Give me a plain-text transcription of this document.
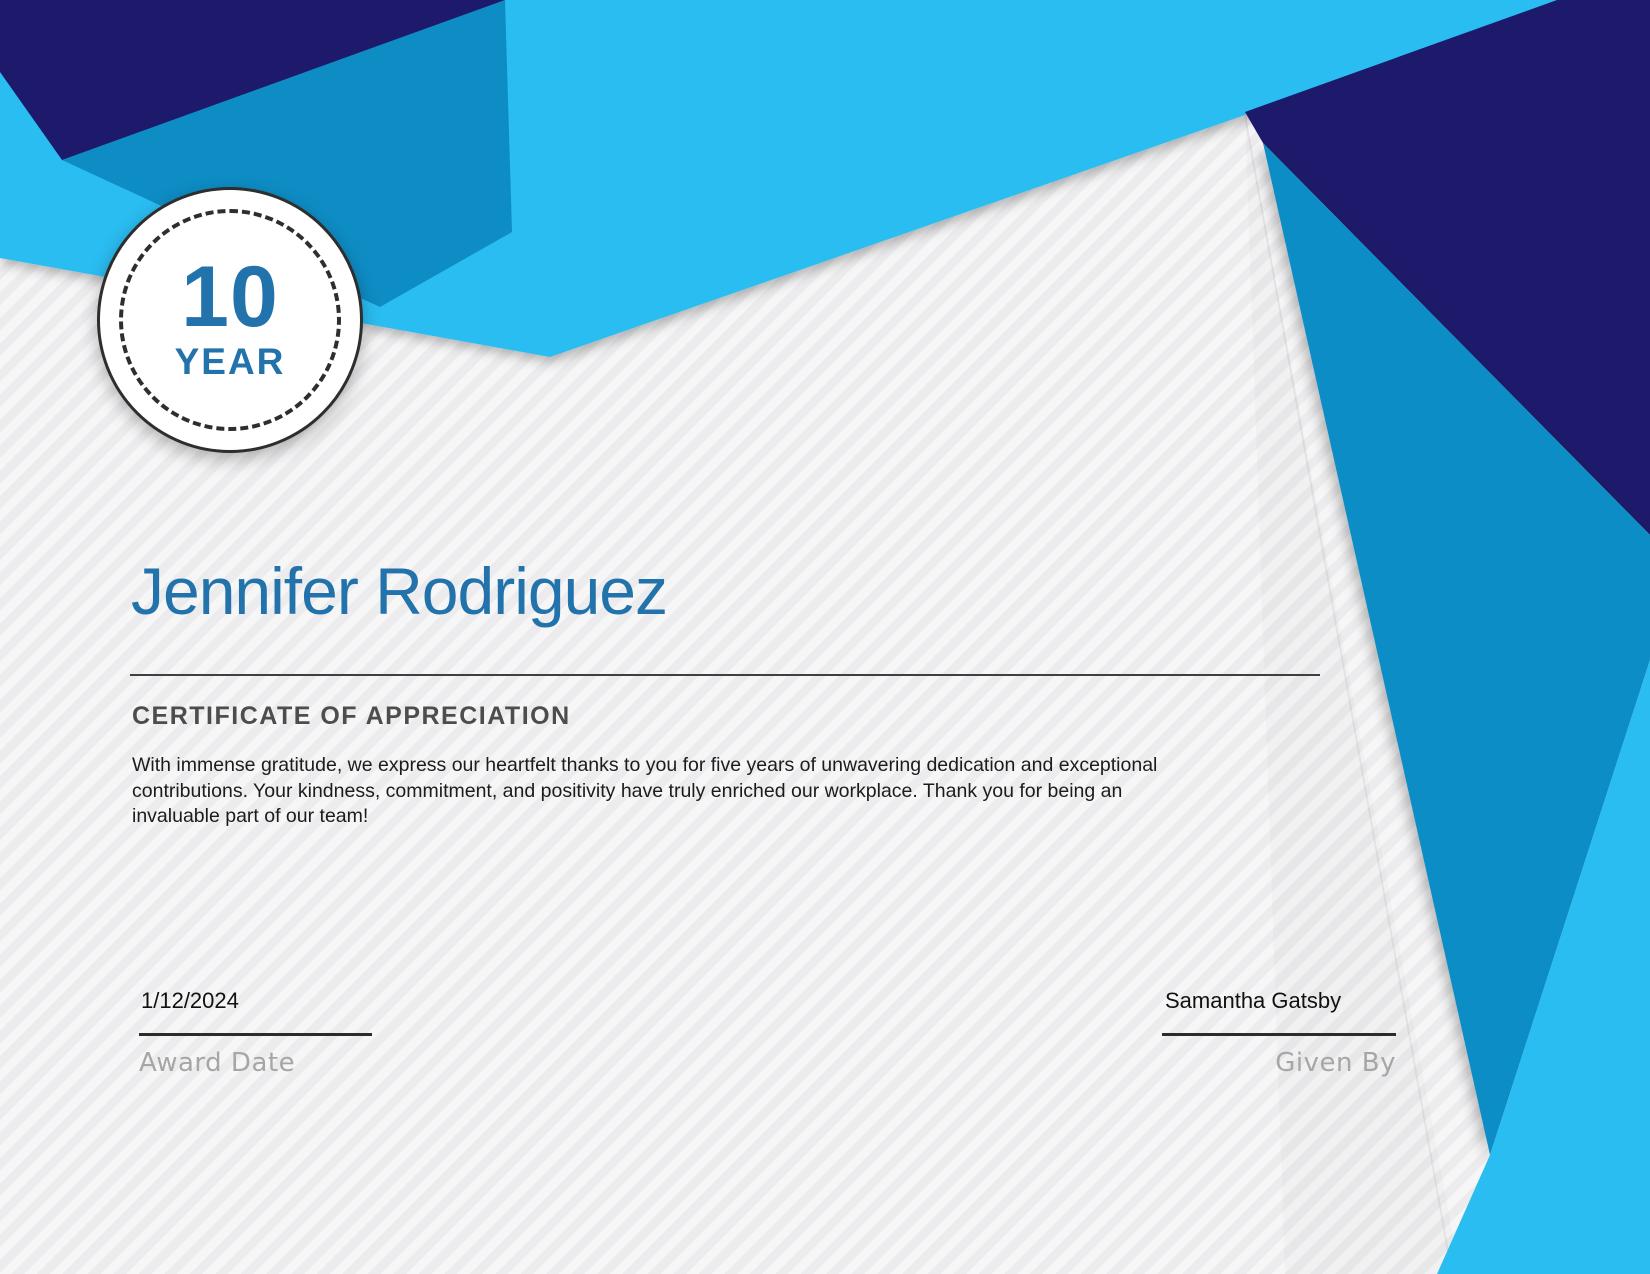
10
YEAR
Jennifer Rodriguez
CERTIFICATE OF APPRECIATION
With immense gratitude, we express our heartfelt thanks to you for five years of unwavering dedication and exceptional contributions. Your kindness, commitment, and positivity have truly enriched our workplace. Thank you for being an invaluable part of our team!
1/12/2024
Award Date
Samantha Gatsby
Given By
